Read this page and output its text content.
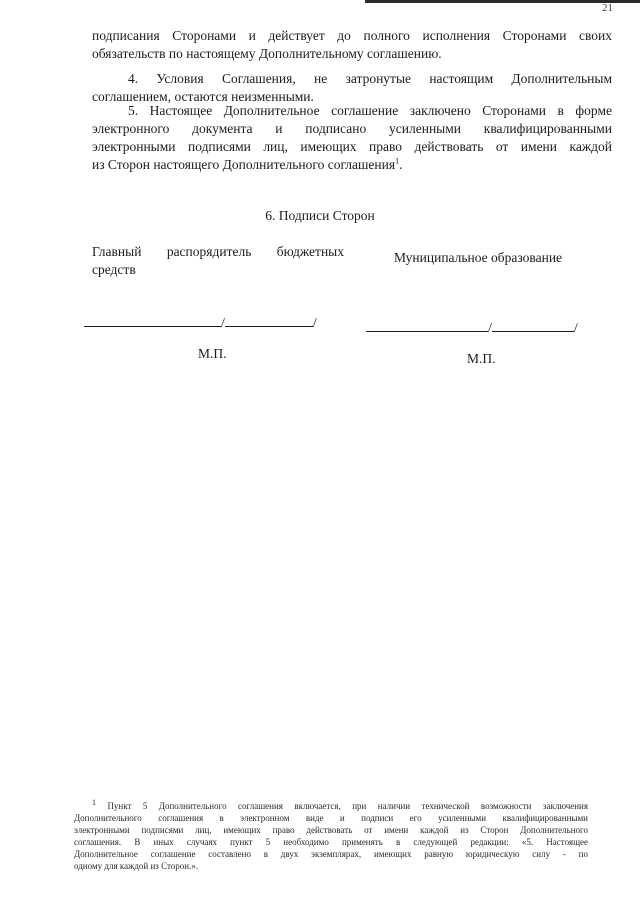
21
подписания Сторонами и действует до полного исполнения Сторонами своих
обязательств по настоящему Дополнительному соглашению.
4. Условия Соглашения, не затронутые настоящим Дополнительным
соглашением, остаются неизменными.
5. Настоящее Дополнительное соглашение заключено Сторонами в форме
электронного документа и подписано усиленными квалифицированными
электронными подписями лиц, имеющих право действовать от имени каждой
из Сторон настоящего Дополнительного соглашения$^1$.
6. Подписи Сторон
Главный распорядитель бюджетных средств
Муниципальное образование
/	/	/	/
М.П.	М.П.
$^1$ Пункт 5 Дополнительного соглашения включается, при наличии технической возможности заключения
Дополнительного соглашения в электронном виде и подписи его усиленными квалифицированными
электронными подписями лиц, имеющих право действовать от имени каждой из Сторон Дополнительного
соглашения. В иных случаях пункт 5 необходимо применять в следующей редакции: «5. Настоящее
Дополнительное соглашение составлено в двух экземплярах, имеющих равную юридическую силу - по
одному для каждой из Сторон.».
